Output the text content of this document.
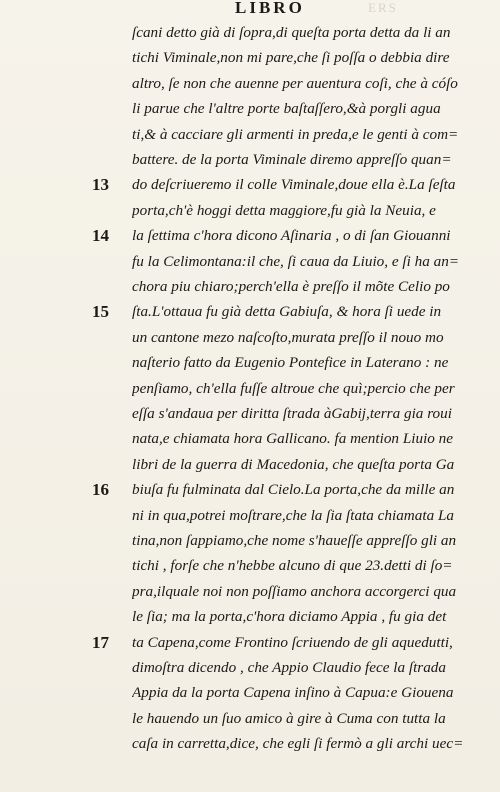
LIBRO	ERS
ſcani detto già di ſopra,di queſta porta detta da li an
tichi Viminale,non mi pare,che ſi poſſa o debbia dire
altro, ſe non che auenne per auentura coſi, che à cóſo
li parue che l'altre porte baſtaſſero,&à porgli agua
ti,& à cacciare gli armenti in preda,e le genti à com=
battere. de la porta Viminale diremo appreſſo quan=
do deſcriueremo il colle Viminale,doue ella è.La ſeſta
porta,ch'è hoggi detta maggiore,fu già la Neuia, e
la ſettima c'hora dicono Aſinaria , o di ſan Giouanni
fu la Celimontana:il che, ſi caua da Liuio, e ſi ha an=
chora piu chiaro;perch'ella è preſſo il mõte Celio po
ſta.L'ottaua fu già detta Gabiuſa, & hora ſi uede in
un cantone me⁠zo naſcoſto,murata preſſo il nouo mo
naſterio fatto da Eugenio Pontefice in Laterano : ne
penſiamo, ch'ella fuſſe altroue che quì;percio che per
eſſa s'andaua per diritta ſtrada àGabij,terra gia roui
nata,e chiamata hora Gallicano. fa mention Liuio ne
libri de la guerra di Macedonia, che queſta porta Ga
biuſa fu fulminata dal Cielo.La porta,che da mille an
ni in qua,potrei moſtrare,che la ſia ſtata chiamata La
tina,non ſappiamo,che nome s'haueſſe appreſſo gli an
tichi , forſe che n'hebbe alcuno di que 23.detti di ſo=
pra,ilquale noi non poſſiamo anchora accorgerci qua
le ſia; ma la porta,c'hora diciamo Appia , fu gia det
ta Capena,come Frontino ſcriuendo de gli aquedutti,
dimoſtra dicendo , che Appio Claudio fece la ſtrada
Appia da la porta Capena inſino à Capua:e Giouena
le hauendo un ſuo amico à gire à Cuma con tutta la
caſa in carretta,dice, che egli ſi fermò a gli archi uec=
13
14
15
16
17
